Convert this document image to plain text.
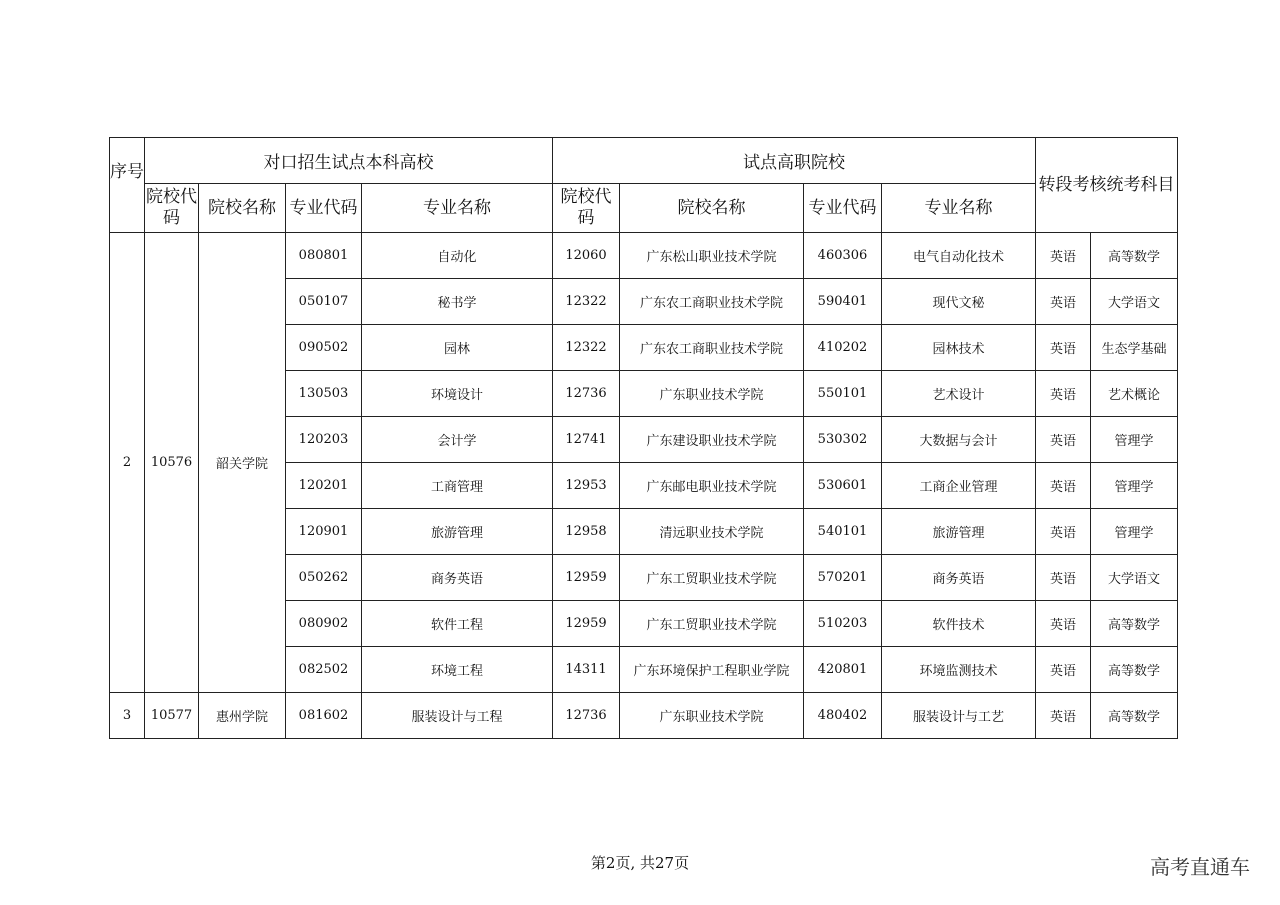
序号	对口招生试点本科高校				试点高职院校				转段考核统考科目	
	院校代码	院校名称	专业代码	专业名称	院校代码	院校名称	专业代码	专业名称		
2	10576	韶关学院	080801	自动化	12060	广东松山职业技术学院	460306	电气自动化技术	英语	高等数学
			050107	秘书学	12322	广东农工商职业技术学院	590401	现代文秘	英语	大学语文
			090502	园林	12322	广东农工商职业技术学院	410202	园林技术	英语	生态学基础
			130503	环境设计	12736	广东职业技术学院	550101	艺术设计	英语	艺术概论
			120203	会计学	12741	广东建设职业技术学院	530302	大数据与会计	英语	管理学
			120201	工商管理	12953	广东邮电职业技术学院	530601	工商企业管理	英语	管理学
			120901	旅游管理	12958	清远职业技术学院	540101	旅游管理	英语	管理学
			050262	商务英语	12959	广东工贸职业技术学院	570201	商务英语	英语	大学语文
			080902	软件工程	12959	广东工贸职业技术学院	510203	软件技术	英语	高等数学
			082502	环境工程	14311	广东环境保护工程职业学院	420801	环境监测技术	英语	高等数学
3	10577	惠州学院	081602	服装设计与工程	12736	广东职业技术学院	480402	服装设计与工艺	英语	高等数学
第2页, 共27页	高考直通车
